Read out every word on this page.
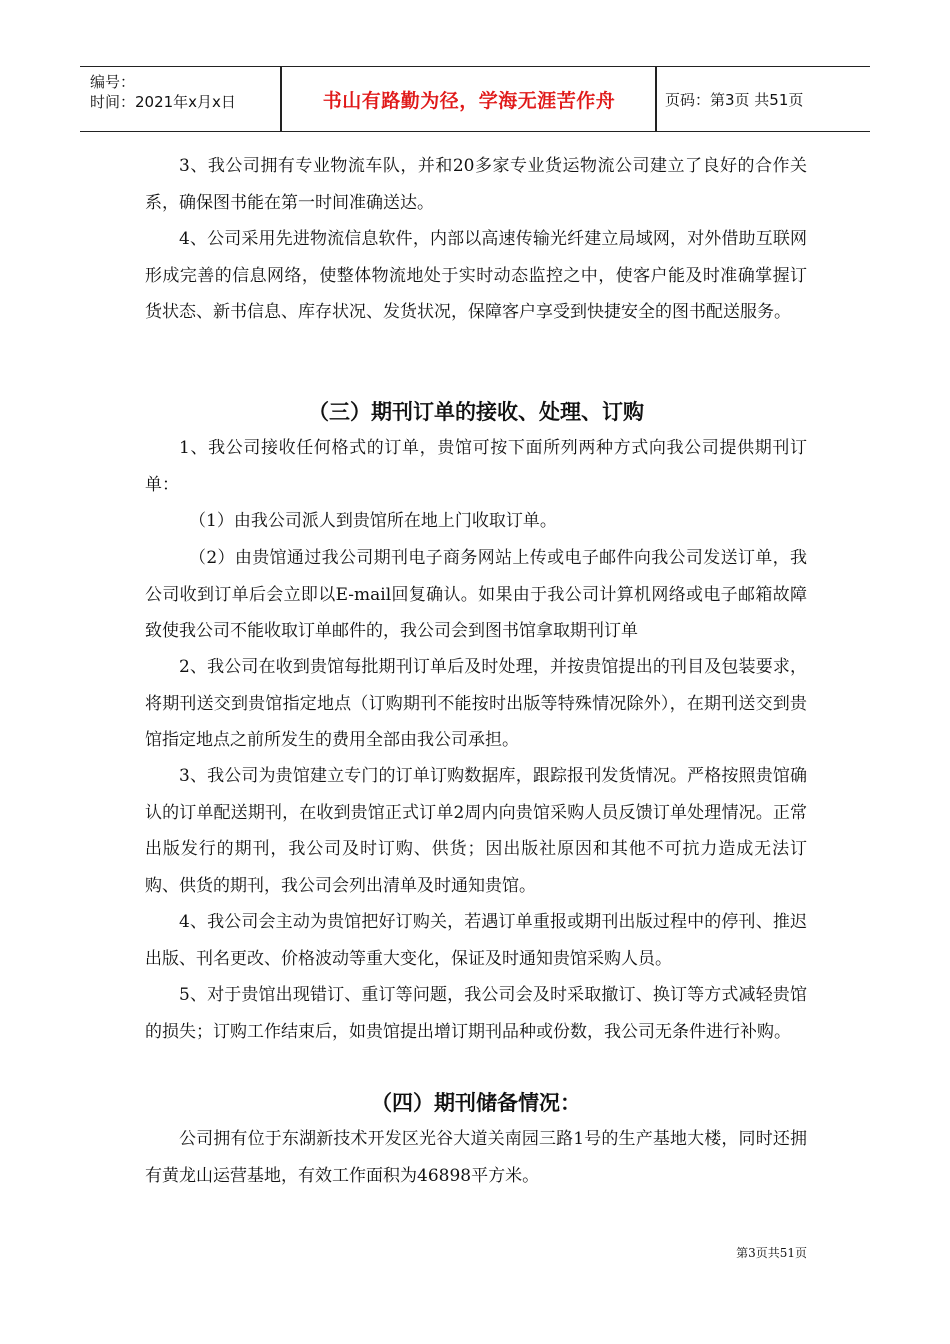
编号：
时间：2021年x月x日	书山有路勤为径，学海无涯苦作舟	页码：第3页 共51页

3、我公司拥有专业物流车队，并和20多家专业货运物流公司建立了良好的合作关系，确保图书能在第一时间准确送达。

4、公司采用先进物流信息软件，内部以高速传输光纤建立局域网，对外借助互联网形成完善的信息网络，使整体物流地处于实时动态监控之中，使客户能及时准确掌握订货状态、新书信息、库存状况、发货状况，保障客户享受到快捷安全的图书配送服务。

（三）期刊订单的接收、处理、订购

1、我公司接收任何格式的订单，贵馆可按下面所列两种方式向我公司提供期刊订单：

（1）由我公司派人到贵馆所在地上门收取订单。

（2）由贵馆通过我公司期刊电子商务网站上传或电子邮件向我公司发送订单，我公司收到订单后会立即以E-mail回复确认。如果由于我公司计算机网络或电子邮箱故障致使我公司不能收取订单邮件的，我公司会到图书馆拿取期刊订单

2、我公司在收到贵馆每批期刊订单后及时处理，并按贵馆提出的刊目及包装要求，将期刊送交到贵馆指定地点（订购期刊不能按时出版等特殊情况除外），在期刊送交到贵馆指定地点之前所发生的费用全部由我公司承担。

3、我公司为贵馆建立专门的订单订购数据库，跟踪报刊发货情况。严格按照贵馆确认的订单配送期刊，在收到贵馆正式订单2周内向贵馆采购人员反馈订单处理情况。正常出版发行的期刊，我公司及时订购、供货；因出版社原因和其他不可抗力造成无法订购、供货的期刊，我公司会列出清单及时通知贵馆。

4、我公司会主动为贵馆把好订购关，若遇订单重报或期刊出版过程中的停刊、推迟出版、刊名更改、价格波动等重大变化，保证及时通知贵馆采购人员。

5、对于贵馆出现错订、重订等问题，我公司会及时采取撤订、换订等方式减轻贵馆的损失；订购工作结束后，如贵馆提出增订期刊品种或份数，我公司无条件进行补购。

（四）期刊储备情况：

公司拥有位于东湖新技术开发区光谷大道关南园三路1号的生产基地大楼，同时还拥有黄龙山运营基地，有效工作面积为46898平方米。

第3页共51页
